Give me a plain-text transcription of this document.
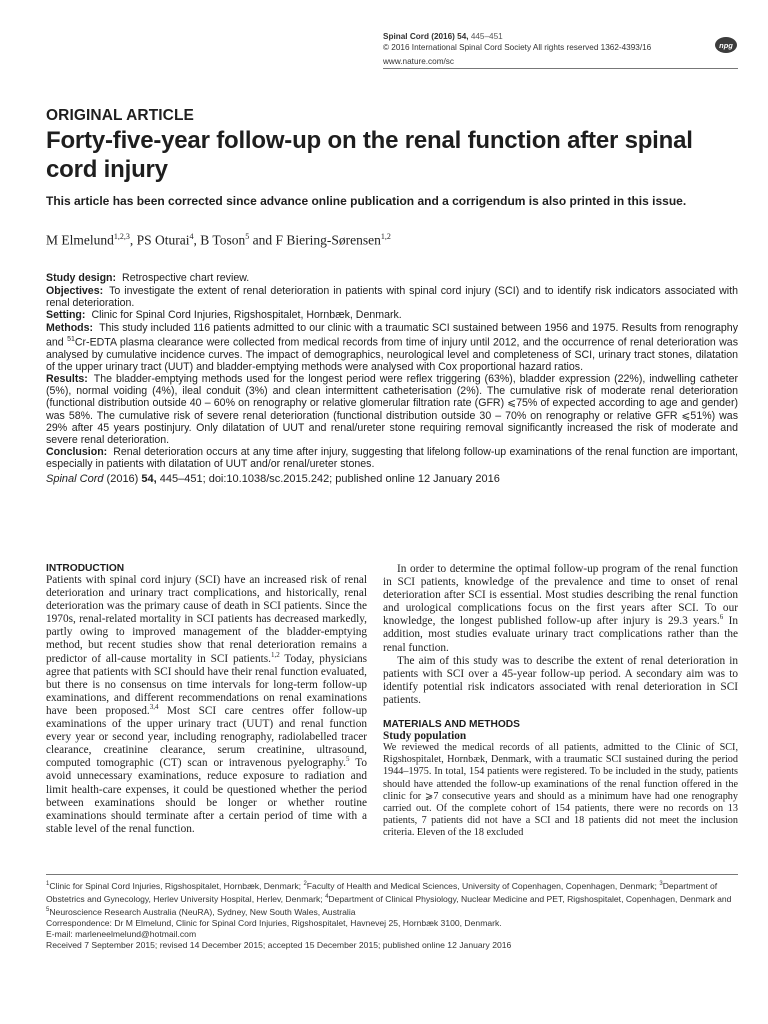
Spinal Cord (2016) 54, 445–451
© 2016 International Spinal Cord Society All rights reserved 1362-4393/16	npg
www.nature.com/sc
ORIGINAL ARTICLE
Forty-five-year follow-up on the renal function after spinal cord injury
This article has been corrected since advance online publication and a corrigendum is also printed in this issue.
M Elmelund$^{1,2,3}$, PS Oturai$^4$, B Toson$^5$ and F Biering-Sørensen$^{1,2}$

Study design: Retrospective chart review.

Objectives: To investigate the extent of renal deterioration in patients with spinal cord injury (SCI) and to identify risk indicators associated with renal deterioration.

Setting: Clinic for Spinal Cord Injuries, Rigshospitalet, Hornbæk, Denmark.

Methods: This study included 116 patients admitted to our clinic with a traumatic SCI sustained between 1956 and 1975. Results from renography and $^{51}$Cr-EDTA plasma clearance were collected from medical records from time of injury until 2012, and the occurrence of renal deterioration was analysed by cumulative incidence curves. The impact of demographics, neurological level and completeness of SCI, urinary tract stones, dilatation of the upper urinary tract (UUT) and bladder-emptying methods were analysed with Cox proportional hazard ratios.

Results: The bladder-emptying methods used for the longest period were reflex triggering (63%), bladder expression (22%), indwelling catheter (5%), normal voiding (4%), ileal conduit (3%) and clean intermittent catheterisation (2%). The cumulative risk of moderate renal deterioration (functional distribution outside 40 – 60% on renography or relative glomerular filtration rate (GFR) ⩽75% of expected according to age and gender) was 58%. The cumulative risk of severe renal deterioration (functional distribution outside 30 – 70% on renography or relative GFR ⩽51%) was 29% after 45 years postinjury. Only dilatation of UUT and renal/ureter stone requiring removal significantly increased the risk of moderate and severe renal deterioration.

Conclusion: Renal deterioration occurs at any time after injury, suggesting that lifelong follow-up examinations of the renal function are important, especially in patients with dilatation of UUT and/or renal/ureter stones.

Spinal Cord (2016) 54, 445–451; doi:10.1038/sc.2015.242; published online 12 January 2016

INTRODUCTION

Patients with spinal cord injury (SCI) have an increased risk of renal deterioration and urinary tract complications, and historically, renal deterioration was the primary cause of death in SCI patients. Since the 1970s, renal-related mortality in SCI patients has decreased markedly, partly owing to improved management of the bladder-emptying method, but recent studies show that renal deterioration remains a predictor of all-cause mortality in SCI patients.$^{1,2}$ Today, physicians agree that patients with SCI should have their renal function evaluated, but there is no consensus on time intervals for long-term follow-up examinations, and different recommendations on renal examinations have been proposed.$^{3,4}$ Most SCI care centres offer follow-up examinations of the upper urinary tract (UUT) and renal function every year or second year, including renography, radiolabelled tracer clearance, creatinine clearance, serum creatinine, ultrasound, computed tomographic (CT) scan or intravenous pyelography.$^5$ To avoid unnecessary examinations, reduce exposure to radiation and limit health-care expenses, it could be questioned whether the period between examinations should be longer or whether routine examinations should terminate after a certain period of time with a stable level of the renal function.

In order to determine the optimal follow-up program of the renal function in SCI patients, knowledge of the prevalence and time to onset of renal deterioration after SCI is essential. Most studies describing the renal function and urological complications focus on the first years after SCI. To our knowledge, the longest published follow-up after injury is 29.3 years.$^6$ In addition, most studies evaluate urinary tract complications rather than the renal function.

The aim of this study was to describe the extent of renal deterioration in patients with SCI over a 45-year follow-up period. A secondary aim was to identify potential risk indicators associated with renal deterioration in SCI patients.

MATERIALS AND METHODS
Study population

We reviewed the medical records of all patients, admitted to the Clinic of SCI, Rigshospitalet, Hornbæk, Denmark, with a traumatic SCI sustained during the period 1944–1975. In total, 154 patients were registered. To be included in the study, patients should have attended the follow-up examinations of the renal function offered in the clinic for ⩾7 consecutive years and should as a minimum have had one renography carried out. Of the complete cohort of 154 patients, there were no records on 13 patients, 7 patients did not have a SCI and 18 patients did not meet the inclusion criteria. Eleven of the 18 excluded

$^1$Clinic for Spinal Cord Injuries, Rigshospitalet, Hornbæk, Denmark; $^2$Faculty of Health and Medical Sciences, University of Copenhagen, Copenhagen, Denmark; $^3$Department of Obstetrics and Gynecology, Herlev University Hospital, Herlev, Denmark; $^4$Department of Clinical Physiology, Nuclear Medicine and PET, Rigshospitalet, Copenhagen, Denmark and $^5$Neuroscience Research Australia (NeuRA), Sydney, New South Wales, Australia

Correspondence: Dr M Elmelund, Clinic for Spinal Cord Injuries, Rigshospitalet, Havnevej 25, Hornbæk 3100, Denmark.

E-mail: marleneelmelund@hotmail.com

Received 7 September 2015; revised 14 December 2015; accepted 15 December 2015; published online 12 January 2016
